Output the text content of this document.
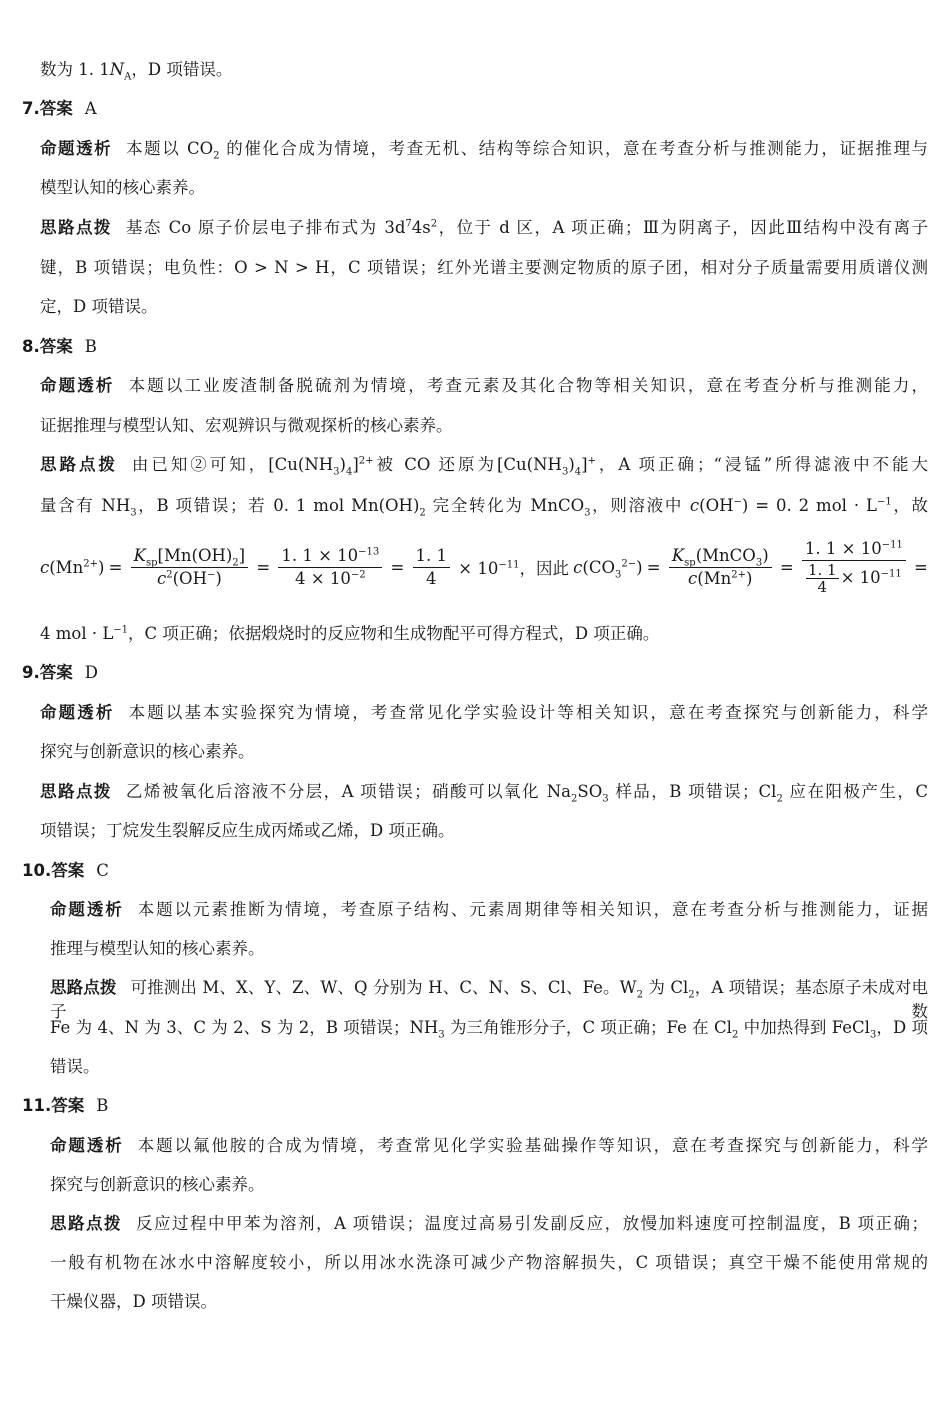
数为 1. $1N_A$，D 项错误。
7.答案 A
命题透析 本题以 $CO_2$ 的催化合成为情境，考查无机、结构等综合知识，意在考查分析与推测能力，证据推理与
模型认知的核心素养。
思路点拨 基态 Co 原子价层电子排布式为 $3d^74s^2$，位于 d 区，A 项正确；Ⅲ为阴离子，因此Ⅲ结构中没有离子
键，B 项错误；电负性：O > N > H，C 项错误；红外光谱主要测定物质的原子团，相对分子质量需要用质谱仪测
定，D 项错误。
8.答案 B
命题透析 本题以工业废渣制备脱硫剂为情境，考查元素及其化合物等相关知识，意在考查分析与推测能力，
证据推理与模型认知、宏观辨识与微观探析的核心素养。
思路点拨 由已知②可知，$[Cu(NH_3)_4]^{2+}$被 CO 还原为$[Cu(NH_3)_4]^+$，A 项正确；“浸锰”所得滤液中不能大
量含有 $NH_3$，B 项错误；若 0. 1 mol $Mn(OH)_2$ 完全转化为 MnCO$_3$，则溶液中 c(OH−) = 0. 2 mol · $L^{-1}$，故
$c(Mn^{2+}) = \frac{K_{sp}[Mn(OH)_2]}{c^2(OH^-)} = \frac{1. 1 \times 10^{-13}}{4 \times 10^{-2}} = \frac{1. 1}{4} \times 10^{-11}$，因此 $c(CO_3^{2-}) = \frac{K_{sp}(MnCO_3)}{c(Mn^{2+})} = \frac{1. 1 \times 10^{-11}}{\frac{1. 1}{4} \times 10^{-11}}$ =
4 mol · $L^{-1}$，C 项正确；依据煅烧时的反应物和生成物配平可得方程式，D 项正确。
9.答案 D
命题透析 本题以基本实验探究为情境，考查常见化学实验设计等相关知识，意在考查探究与创新能力，科学
探究与创新意识的核心素养。
思路点拨 乙烯被氧化后溶液不分层，A 项错误；硝酸可以氧化 $Na_2SO_3$ 样品，B 项错误；$Cl_2$ 应在阳极产生，C
项错误；丁烷发生裂解反应生成丙烯或乙烯，D 项正确。
10.答案 C
命题透析 本题以元素推断为情境，考查原子结构、元素周期律等相关知识，意在考查分析与推测能力，证据
推理与模型认知的核心素养。
思路点拨 可推测出 M、X、Y、Z、W、Q 分别为 H、C、N、S、Cl、Fe。$W_2$ 为 $Cl_2$，A 项错误；基态原子未成对电子数
Fe 为 4、N 为 3、C 为 2、S 为 2，B 项错误；$NH_3$ 为三角锥形分子，C 项正确；Fe 在 $Cl_2$ 中加热得到 FeCl$_3$，D 项
错误。
11.答案 B
命题透析 本题以氟他胺的合成为情境，考查常见化学实验基础操作等知识，意在考查探究与创新能力，科学
探究与创新意识的核心素养。
思路点拨 反应过程中甲苯为溶剂，A 项错误；温度过高易引发副反应，放慢加料速度可控制温度，B 项正确；
一般有机物在冰水中溶解度较小，所以用冰水洗涤可减少产物溶解损失，C 项错误；真空干燥不能使用常规的
干燥仪器，D 项错误。
